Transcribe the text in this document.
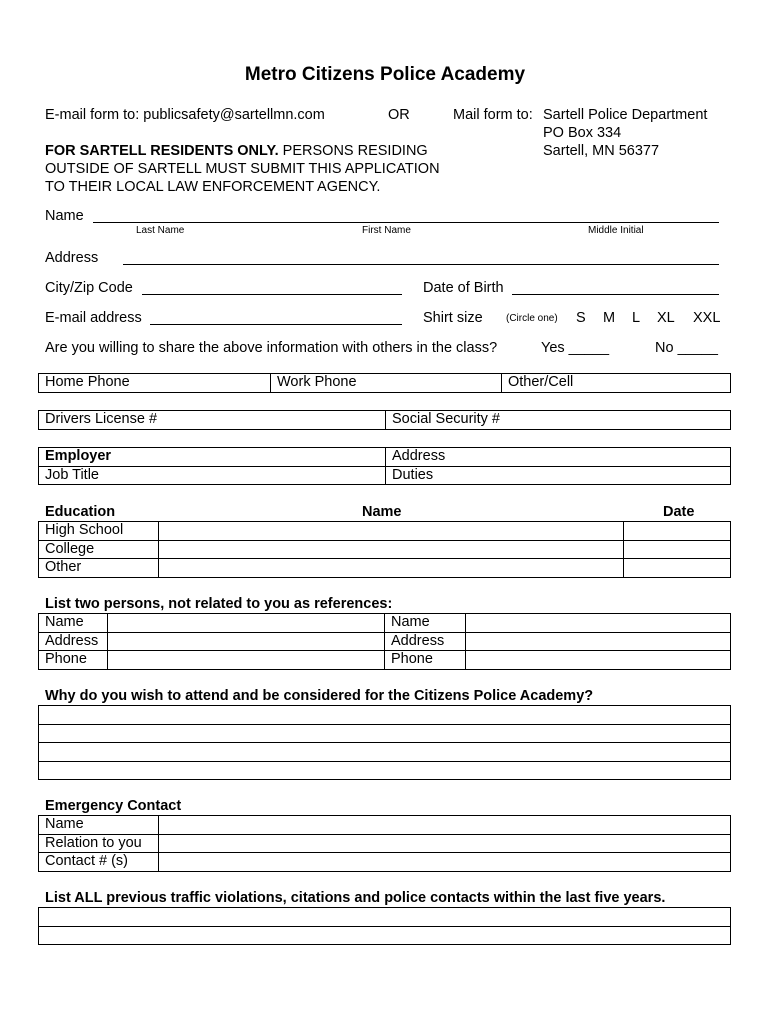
Metro Citizens Police Academy
E-mail form to: publicsafety@sartellmn.com	OR	Mail form to: Sartell Police Department
PO Box 334
Sartell, MN 56377
FOR SARTELL RESIDENTS ONLY. PERSONS RESIDING
OUTSIDE OF SARTELL MUST SUBMIT THIS APPLICATION
TO THEIR LOCAL LAW ENFORCEMENT AGENCY.
Name
Last Name	First Name	Middle Initial
Address
City/Zip Code	Date of Birth
E-mail address	Shirt size (Circle one) S M L XL XXL
Are you willing to share the above information with others in the class?	Yes _____	No _____
Home Phone	Work Phone	Other/Cell
Drivers License #	Social Security #
Employer	Address
Job Title	Duties
Education	Name	Date
High School		
College		
Other		
List two persons, not related to you as references:
Name		Name	
Address		Address	
Phone		Phone	
Why do you wish to attend and be considered for the Citizens Police Academy?

Emergency Contact
Name	
Relation to you	
Contact # (s)	
List ALL previous traffic violations, citations and police contacts within the last five years.
